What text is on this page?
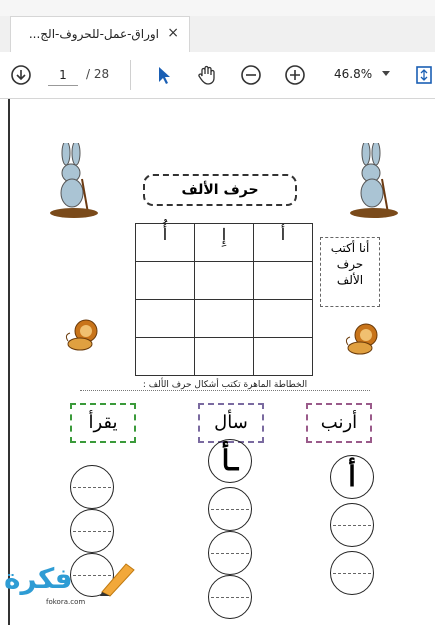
اوراق-عمل-للحروف-الج... ×
1	/ 28	46.8%
حرف الألف
أُ	إِ	أ

أنا أكتب
حرف
الألف
الخطاطة الماهرة تكتب أشكال حرف الألف :
أرنب
سأل
يقرأ
أ
ـأ
فكرة
fokora.com
